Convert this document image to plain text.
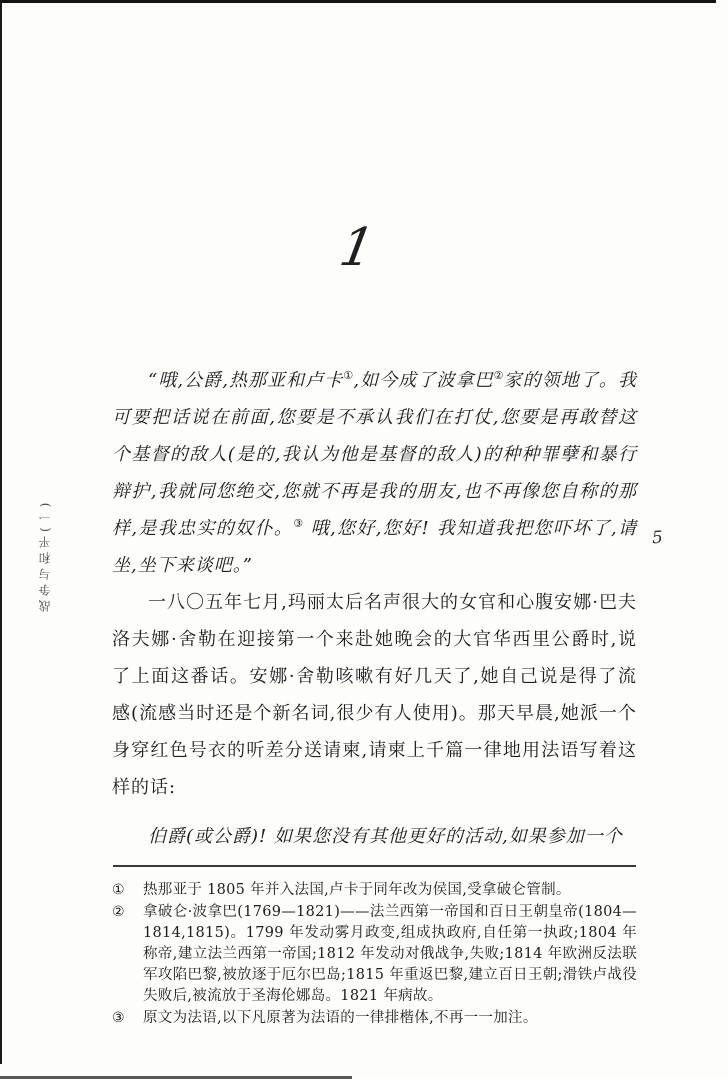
战争与和平(一)
1
5

“哦,公爵,热那亚和卢卡①,如今成了波拿巴②家的领地了。我可要把话说在前面,您要是不承认我们在打仗,您要是再敢替这个基督的敌人(是的,我认为他是基督的敌人)的种种罪孽和暴行辩护,我就同您绝交,您就不再是我的朋友,也不再像您自称的那样,是我忠实的奴仆。③ 哦,您好,您好! 我知道我把您吓坏了,请坐,坐下来谈吧。”

一八〇五年七月,玛丽太后名声很大的女官和心腹安娜·巴夫洛夫娜·舍勒在迎接第一个来赴她晚会的大官华西里公爵时,说了上面这番话。安娜·舍勒咳嗽有好几天了,她自己说是得了流感(流感当时还是个新名词,很少有人使用)。那天早晨,她派一个身穿红色号衣的听差分送请柬,请柬上千篇一律地用法语写着这样的话:

伯爵(或公爵)! 如果您没有其他更好的活动,如果参加一个

①	热那亚于 1805 年并入法国,卢卡于同年改为侯国,受拿破仑管制。
②	拿破仑·波拿巴(1769—1821)——法兰西第一帝国和百日王朝皇帝(1804—1814,1815)。1799 年发动雾月政变,组成执政府,自任第一执政;1804 年称帝,建立法兰西第一帝国;1812 年发动对俄战争,失败;1814 年欧洲反法联军攻陷巴黎,被放逐于厄尔巴岛;1815 年重返巴黎,建立百日王朝;滑铁卢战役失败后,被流放于圣海伦娜岛。1821 年病故。
③	原文为法语,以下凡原著为法语的一律排楷体,不再一一加注。
